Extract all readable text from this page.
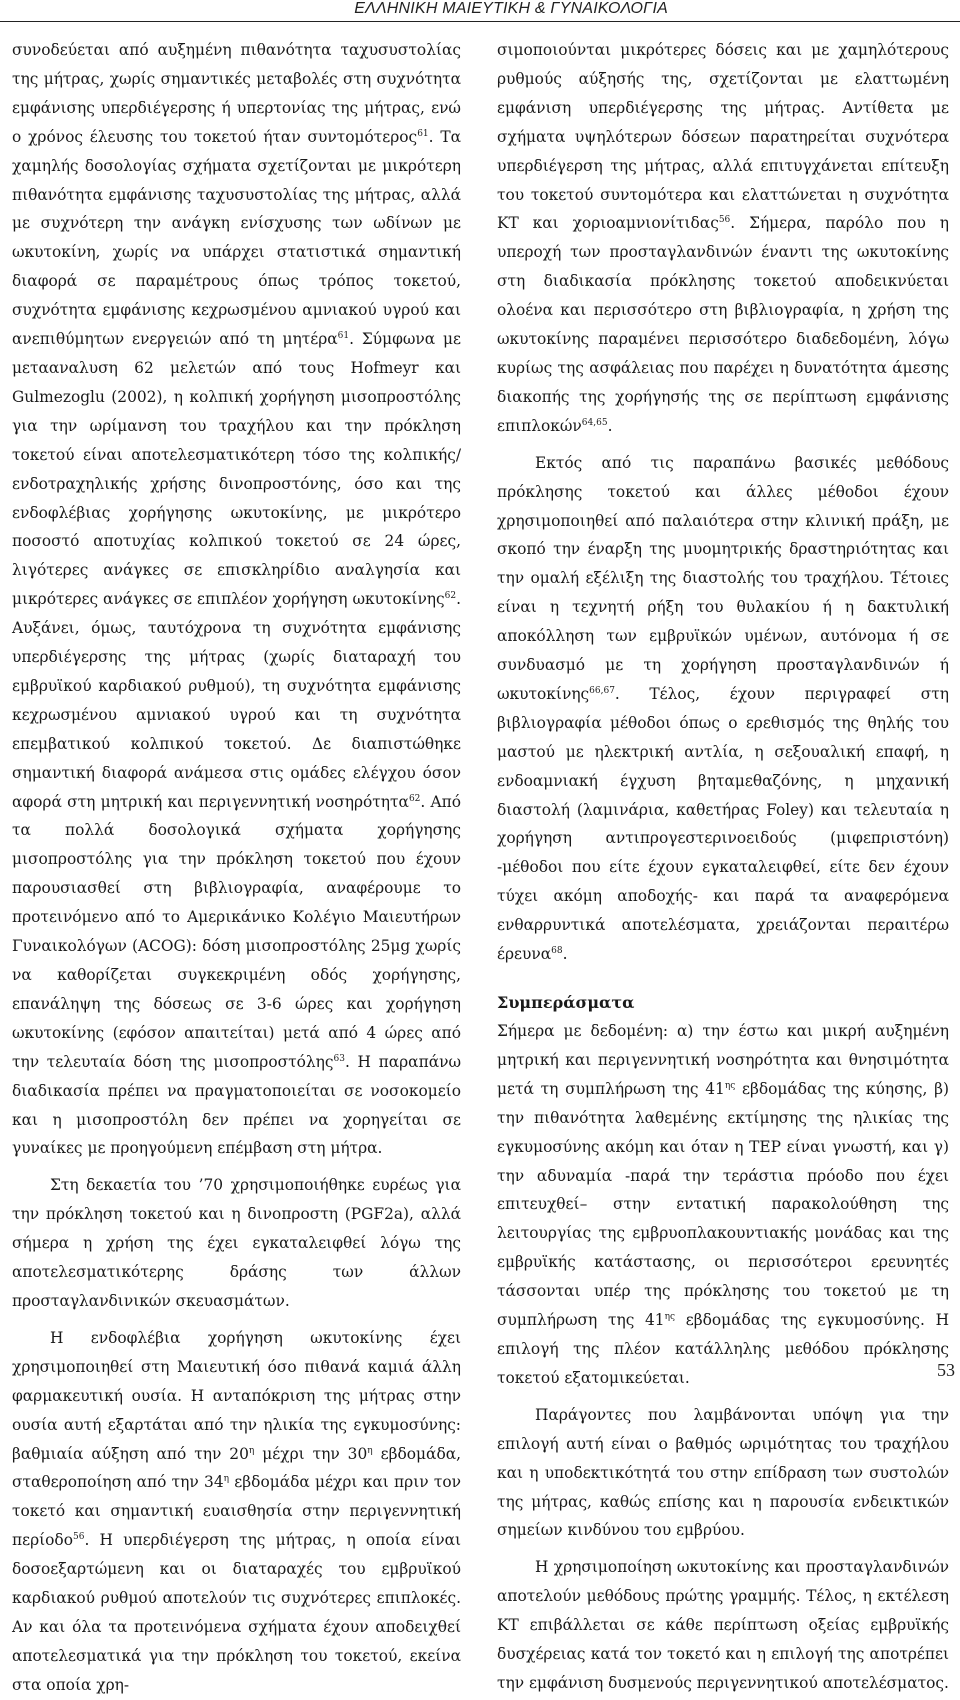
ΕΛΛΗΝΙΚΗ ΜΑΙΕΥΤΙΚΗ & ΓΥΝΑΙΚΟΛΟΓΙΑ

συνοδεύεται από αυξημένη πιθανότητα ταχυσυστολίας της μήτρας, χωρίς σημαντικές μεταβολές στη συχνότητα εμφάνισης υπερδιέγερσης ή υπερτονίας της μήτρας, ενώ ο χρόνος έλευσης του τοκετού ήταν συντομότερος$^{61}$. Τα χαμηλής δοσολογίας σχήματα σχετίζονται με μικρότερη πιθανότητα εμφάνισης ταχυσυστολίας της μήτρας, αλλά με συχνότερη την ανάγκη ενίσχυσης των ωδίνων με ωκυτοκίνη, χωρίς να υπάρχει στατιστικά σημαντική διαφορά σε παραμέτρους όπως τρόπος τοκετού, συχνότητα εμφάνισης κεχρωσμένου αμνιακού υγρού και ανεπιθύμητων ενεργειών από τη μητέρα$^{61}$. Σύμφωνα με μετααναλυση 62 μελετών από τους Hofmeyr και Gulmezoglu (2002), η κολπική χορήγηση μισοπροστόλης για την ωρίμανση του τραχήλου και την πρόκληση τοκετού είναι αποτελεσματικότερη τόσο της κολπικής/ενδοτραχηλικής χρήσης δινοπροστόνης, όσο και της ενδοφλέβιας χορήγησης ωκυτοκίνης, με μικρότερο ποσοστό αποτυχίας κολπικού τοκετού σε 24 ώρες, λιγότερες ανάγκες σε επισκληρίδιο αναλγησία και μικρότερες ανάγκες σε επιπλέον χορήγηση ωκυτοκίνης$^{62}$. Αυξάνει, όμως, ταυτόχρονα τη συχνότητα εμφάνισης υπερδιέγερσης της μήτρας (χωρίς διαταραχή του εμβρυϊκού καρδιακού ρυθμού), τη συχνότητα εμφάνισης κεχρωσμένου αμνιακού υγρού και τη συχνότητα επεμβατικού κολπικού τοκετού. Δε διαπιστώθηκε σημαντική διαφορά ανάμεσα στις ομάδες ελέγχου όσον αφορά στη μητρική και περιγεννητική νοσηρότητα$^{62}$. Από τα πολλά δοσολογικά σχήματα χορήγησης μισοπροστόλης για την πρόκληση τοκετού που έχουν παρουσιασθεί στη βιβλιογραφία, αναφέρουμε το προτεινόμενο από το Αμερικάνικο Κολέγιο Μαιευτήρων Γυναικολόγων (ACOG): δόση μισοπροστόλης 25μg χωρίς να καθορίζεται συγκεκριμένη οδός χορήγησης, επανάληψη της δόσεως σε 3-6 ώρες και χορήγηση ωκυτοκίνης (εφόσον απαιτείται) μετά από 4 ώρες από την τελευταία δόση της μισοπροστόλης$^{63}$. Η παραπάνω διαδικασία πρέπει να πραγματοποιείται σε νοσοκομείο και η μισοπροστόλη δεν πρέπει να χορηγείται σε γυναίκες με προηγούμενη επέμβαση στη μήτρα.

Στη δεκαετία του ’70 χρησιμοποιήθηκε ευρέως για την πρόκληση τοκετού και η δινοπροστη (PGF2a), αλλά σήμερα η χρήση της έχει εγκαταλειφθεί λόγω της αποτελεσματικότερης δράσης των άλλων προσταγλανδινικών σκευασμάτων.

Η ενδοφλέβια χορήγηση ωκυτοκίνης έχει χρησιμοποιηθεί στη Μαιευτική όσο πιθανά καμιά άλλη φαρμακευτική ουσία. Η ανταπόκριση της μήτρας στην ουσία αυτή εξαρτάται από την ηλικία της εγκυμοσύνης: βαθμιαία αύξηση από την $20^\eta$ μέχρι την $30^\eta$ εβδομάδα, σταθεροποίηση από την $34^\eta$ εβδομάδα μέχρι και πριν τον τοκετό και σημαντική ευαισθησία στην περιγεννητική περίοδο$^{56}$. Η υπερδιέγερση της μήτρας, η οποία είναι δοσοεξαρτώμενη και οι διαταραχές του εμβρυϊκού καρδιακού ρυθμού αποτελούν τις συχνότερες επιπλοκές. Αν και όλα τα προτεινόμενα σχήματα έχουν αποδειχθεί αποτελεσματικά για την πρόκληση του τοκετού, εκείνα στα οποία χρη-

σιμοποιούνται μικρότερες δόσεις και με χαμηλότερους ρυθμούς αύξησής της, σχετίζονται με ελαττωμένη εμφάνιση υπερδιέγερσης της μήτρας. Αντίθετα με σχήματα υψηλότερων δόσεων παρατηρείται συχνότερα υπερδιέγερση της μήτρας, αλλά επιτυγχάνεται επίτευξη του τοκετού συντομότερα και ελαττώνεται η συχνότητα ΚΤ και χοριοαμνιονίτιδας$^{56}$. Σήμερα, παρόλο που η υπεροχή των προσταγλανδινών έναντι της ωκυτοκίνης στη διαδικασία πρόκλησης τοκετού αποδεικνύεται ολοένα και περισσότερο στη βιβλιογραφία, η χρήση της ωκυτοκίνης παραμένει περισσότερο διαδεδομένη, λόγω κυρίως της ασφάλειας που παρέχει η δυνατότητα άμεσης διακοπής της χορήγησής της σε περίπτωση εμφάνισης επιπλοκών$^{64,65}$.

Εκτός από τις παραπάνω βασικές μεθόδους πρόκλησης τοκετού και άλλες μέθοδοι έχουν χρησιμοποιηθεί από παλαιότερα στην κλινική πράξη, με σκοπό την έναρξη της μυομητρικής δραστηριότητας και την ομαλή εξέλιξη της διαστολής του τραχήλου. Τέτοιες είναι η τεχνητή ρήξη του θυλακίου ή η δακτυλική αποκόλληση των εμβρυϊκών υμένων, αυτόνομα ή σε συνδυασμό με τη χορήγηση προσταγλανδινών ή ωκυτοκίνης$^{66,67}$. Τέλος, έχουν περιγραφεί στη βιβλιογραφία μέθοδοι όπως ο ερεθισμός της θηλής του μαστού με ηλεκτρική αντλία, η σεξουαλική επαφή, η ενδοαμνιακή έγχυση βηταμεθαζόνης, η μηχανική διαστολή (λαμινάρια, καθετήρας Foley) και τελευταία η χορήγηση αντιπρογεστερινοειδούς (μιφεπριστόνη) -μέθοδοι που είτε έχουν εγκαταλειφθεί, είτε δεν έχουν τύχει ακόμη αποδοχής- και παρά τα αναφερόμενα ενθαρρυντικά αποτελέσματα, χρειάζονται περαιτέρω έρευνα$^{68}$.

Συμπεράσματα

Σήμερα με δεδομένη: α) την έστω και μικρή αυξημένη μητρική και περιγεννητική νοσηρότητα και θνησιμότητα μετά τη συμπλήρωση της $41^{\eta\varsigma}$ εβδομάδας της κύησης, β) την πιθανότητα λαθεμένης εκτίμησης της ηλικίας της εγκυμοσύνης ακόμη και όταν η TEP είναι γνωστή, και γ) την αδυναμία -παρά την τεράστια πρόοδο που έχει επιτευχθεί– στην εντατική παρακολούθηση της λειτουργίας της εμβρυοπλακουντιακής μονάδας και της εμβρυϊκής κατάστασης, οι περισσότεροι ερευνητές τάσσονται υπέρ της πρόκλησης του τοκετού με τη συμπλήρωση της $41^{\eta\varsigma}$ εβδομάδας της εγκυμοσύνης. Η επιλογή της πλέον κατάλληλης μεθόδου πρόκλησης τοκετού εξατομικεύεται.

Παράγοντες που λαμβάνονται υπόψη για την επιλογή αυτή είναι ο βαθμός ωριμότητας του τραχήλου και η υποδεκτικότητά του στην επίδραση των συστολών της μήτρας, καθώς επίσης και η παρουσία ενδεικτικών σημείων κινδύνου του εμβρύου.

Η χρησιμοποίηση ωκυτοκίνης και προσταγλανδινών αποτελούν μεθόδους πρώτης γραμμής. Τέλος, η εκτέλεση ΚΤ επιβάλλεται σε κάθε περίπτωση οξείας εμβρυϊκής δυσχέρειας κατά τον τοκετό και η επιλογή της αποτρέπει την εμφάνιση δυσμενούς περιγεννητικού αποτελέσματος.

53
